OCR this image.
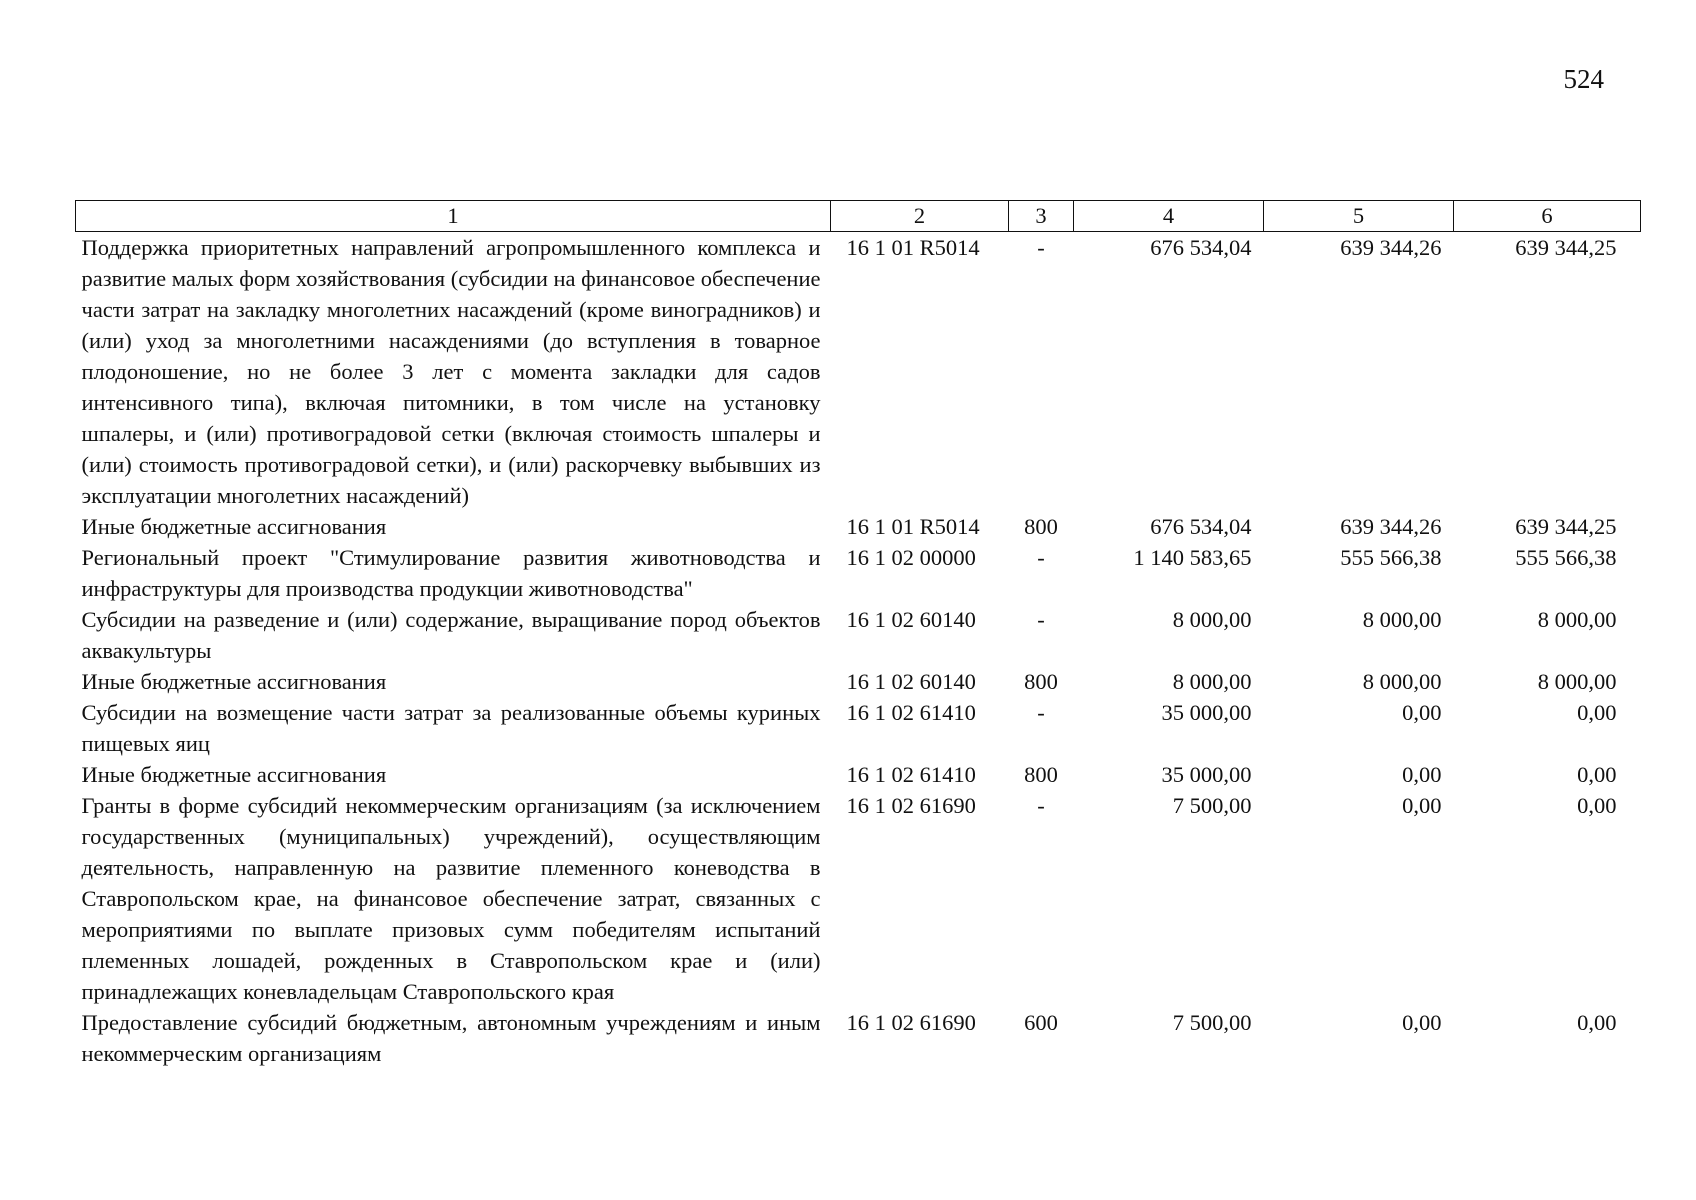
524
1	2	3	4	5	6
Поддержка приоритетных направлений агропромышленного комплекса и развитие малых форм хозяйствования (субсидии на финансовое обеспечение части затрат на закладку многолетних насаждений (кроме виноградников) и (или) уход за многолетними насаждениями (до вступления в товарное плодоношение, но не более 3 лет с момента закладки для садов интенсивного типа), включая питомники, в том числе на установку шпалеры, и (или) противоградовой сетки (включая стоимость шпалеры и (или) стоимость противоградовой сетки), и (или) раскорчевку выбывших из эксплуатации многолетних насаждений)	16 1 01 R5014	-	676 534,04	639 344,26	639 344,25
Иные бюджетные ассигнования	16 1 01 R5014	800	676 534,04	639 344,26	639 344,25
Региональный проект "Стимулирование развития животноводства и инфраструктуры для производства продукции животноводства"	16 1 02 00000	-	1 140 583,65	555 566,38	555 566,38
Субсидии на разведение и (или) содержание, выращивание пород объектов аквакультуры	16 1 02 60140	-	8 000,00	8 000,00	8 000,00
Иные бюджетные ассигнования	16 1 02 60140	800	8 000,00	8 000,00	8 000,00
Субсидии на возмещение части затрат за реализованные объемы куриных пищевых яиц	16 1 02 61410	-	35 000,00	0,00	0,00
Иные бюджетные ассигнования	16 1 02 61410	800	35 000,00	0,00	0,00
Гранты в форме субсидий некоммерческим организациям (за исключением государственных (муниципальных) учреждений), осуществляющим деятельность, направленную на развитие племенного коневодства в Ставропольском крае, на финансовое обеспечение затрат, связанных с мероприятиями по выплате призовых сумм победителям испытаний племенных лошадей, рожденных в Ставропольском крае и (или) принадлежащих коневладельцам Ставропольского края	16 1 02 61690	-	7 500,00	0,00	0,00
Предоставление субсидий бюджетным, автономным учреждениям и иным некоммерческим организациям	16 1 02 61690	600	7 500,00	0,00	0,00
